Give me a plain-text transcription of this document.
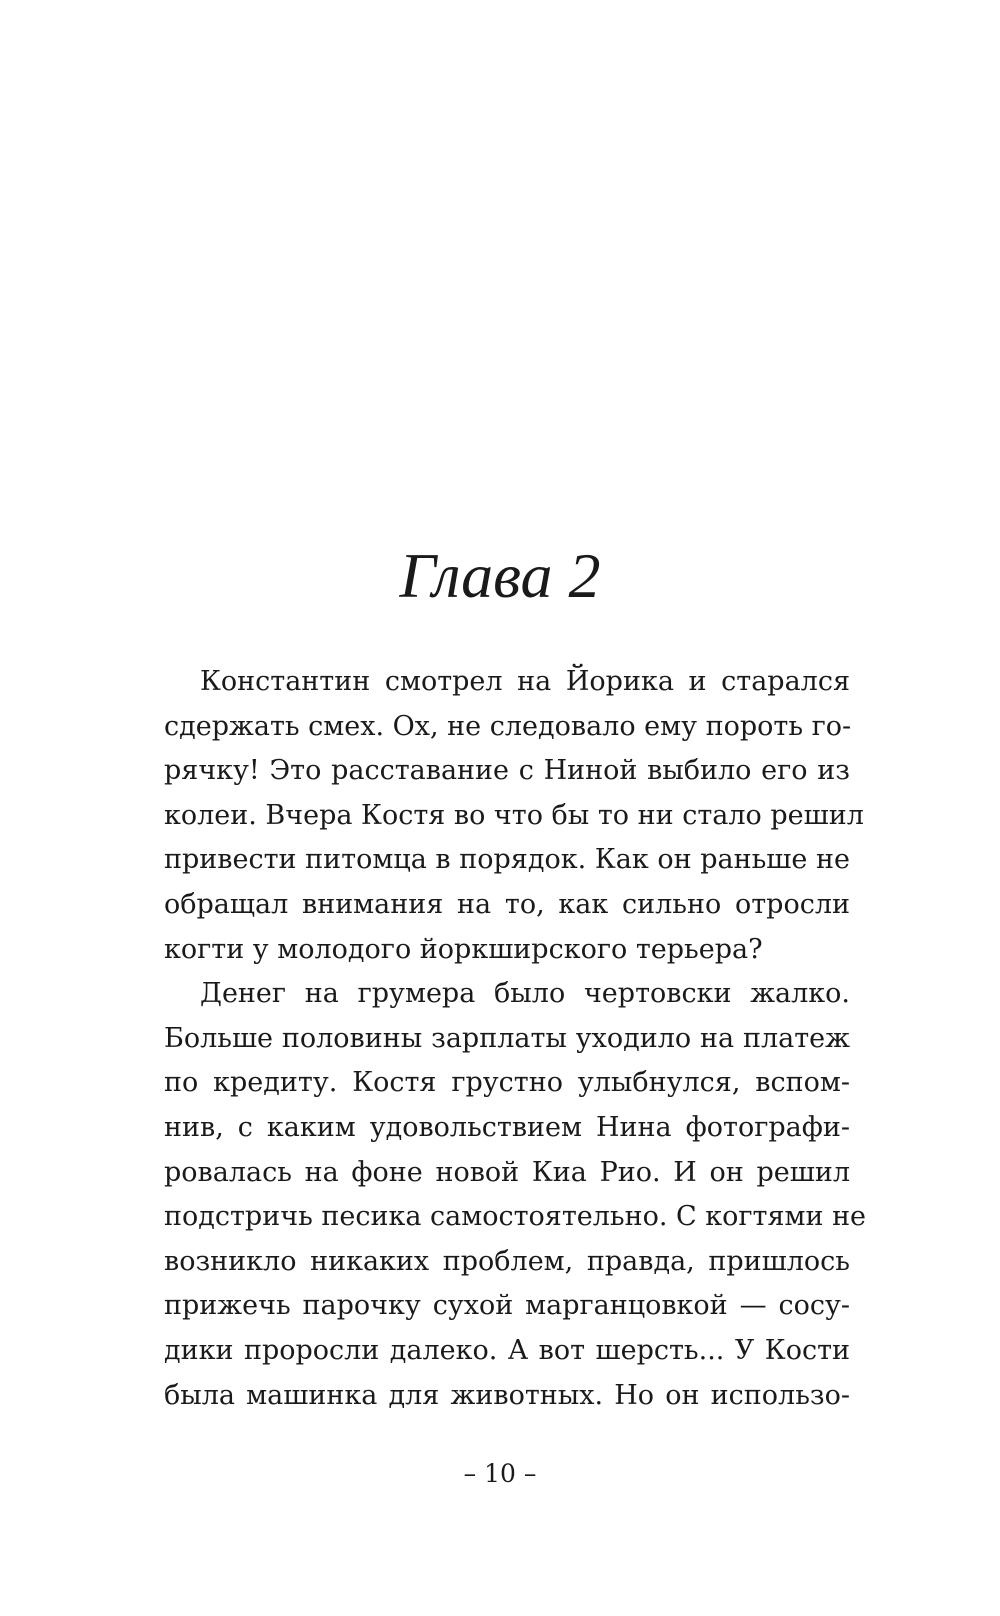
Глава 2
Константин смотрел на Йорика и старался
сдержать смех. Ох, не следовало ему пороть го-
рячку! Это расставание с Ниной выбило его из
колеи. Вчера Костя во что бы то ни стало решил
привести питомца в порядок. Как он раньше не
обращал внимания на то, как сильно отросли
когти у молодого йоркширского терьера?
Денег на грумера было чертовски жалко.
Больше половины зарплаты уходило на платеж
по кредиту. Костя грустно улыбнулся, вспом-
нив, с каким удовольствием Нина фотографи-
ровалась на фоне новой Киа Рио. И он решил
подстричь песика самостоятельно. С когтями не
возникло никаких проблем, правда, пришлось
прижечь парочку сухой марганцовкой — сосу-
дики проросли далеко. А вот шерсть... У Кости
была машинка для животных. Но он использо-
– 10 –
